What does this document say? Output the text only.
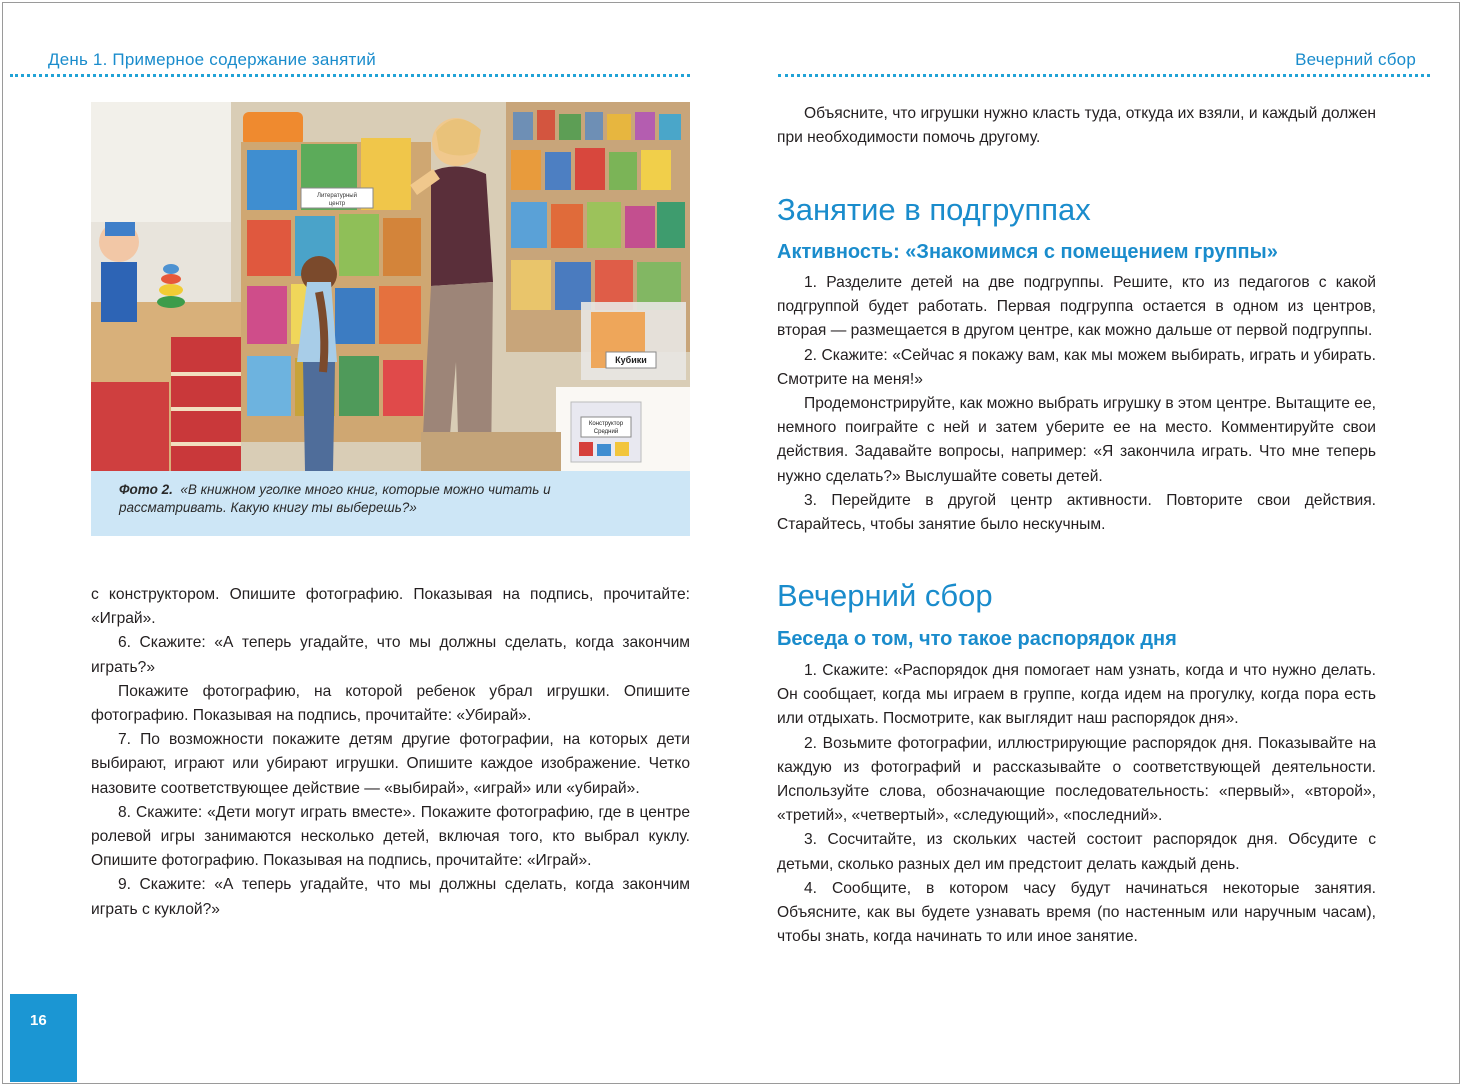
День 1. Примерное содержание занятий	Вечерний сбор
Литературный
центр
Кубики
Конструктор
Средний
Фото 2. «В книжном уголке много книг, которые можно читать и рассматривать. Какую книгу ты выберешь?»

с конструктором. Опишите фотографию. Показывая на подпись, прочитайте: «Играй».

6. Скажите: «А теперь угадайте, что мы должны сделать, когда закончим играть?»

Покажите фотографию, на которой ребенок убрал игрушки. Опишите фотографию. Показывая на подпись, прочитайте: «Убирай».

7. По возможности покажите детям другие фотографии, на которых дети выбирают, играют или убирают игрушки. Опишите каждое изображение. Четко назовите соответствующее действие — «выбирай», «играй» или «убирай».

8. Скажите: «Дети могут играть вместе». Покажите фотографию, где в центре ролевой игры занимаются несколько детей, включая того, кто выбрал куклу. Опишите фотографию. Показывая на подпись, прочитайте: «Играй».

9. Скажите: «А теперь угадайте, что мы должны сделать, когда закончим играть с куклой?»

Объясните, что игрушки нужно класть туда, откуда их взяли, и каждый должен при необходимости помочь другому.

Занятие в подгруппах
Активность: «Знакомимся с помещением группы»

1. Разделите детей на две подгруппы. Решите, кто из педагогов с какой подгруппой будет работать. Первая подгруппа остается в одном из центров, вторая — размещается в другом центре, как можно дальше от первой подгруппы.

2. Скажите: «Сейчас я покажу вам, как мы можем выбирать, играть и убирать. Смотрите на меня!»

Продемонстрируйте, как можно выбрать игрушку в этом центре. Вытащите ее, немного поиграйте с ней и затем уберите ее на место. Комментируйте свои действия. Задавайте вопросы, например: «Я закончила играть. Что мне теперь нужно сделать?» Выслушайте советы детей.

3. Перейдите в другой центр активности. Повторите свои действия. Старайтесь, чтобы занятие было нескучным.

Вечерний сбор
Беседа о том, что такое распорядок дня

1. Скажите: «Распорядок дня помогает нам узнать, когда и что нужно делать. Он сообщает, когда мы играем в группе, когда идем на прогулку, когда пора есть или отдыхать. Посмотрите, как выглядит наш распорядок дня».

2. Возьмите фотографии, иллюстрирующие распорядок дня. Показывайте на каждую из фотографий и рассказывайте о соответствующей деятельности. Используйте слова, обозначающие последовательность: «первый», «второй», «третий», «четвертый», «следующий», «последний».

3. Сосчитайте, из скольких частей состоит распорядок дня. Обсудите с детьми, сколько разных дел им предстоит делать каждый день.

4. Сообщите, в котором часу будут начинаться некоторые занятия. Объясните, как вы будете узнавать время (по настенным или наручным часам), чтобы знать, когда начинать то или иное занятие.

16
